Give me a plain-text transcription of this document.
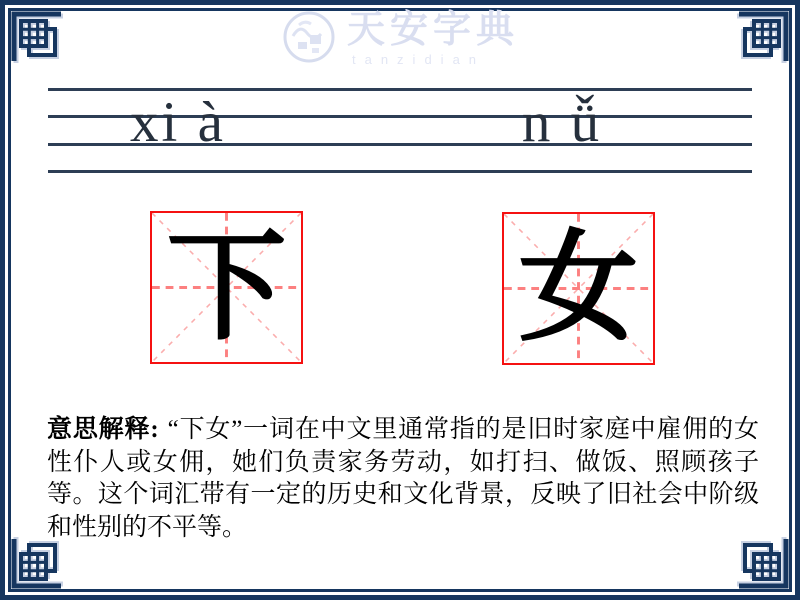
天安字典
tanzidian
xi à	n ǚ
下 女

意思解释: “下女”一词在中文里通常指的是旧时家庭中雇佣的女性仆人或女佣，她们负责家务劳动，如打扫、做饭、照顾孩子等。这个词汇带有一定的历史和文化背景，反映了旧社会中阶级和性别的不平等。
